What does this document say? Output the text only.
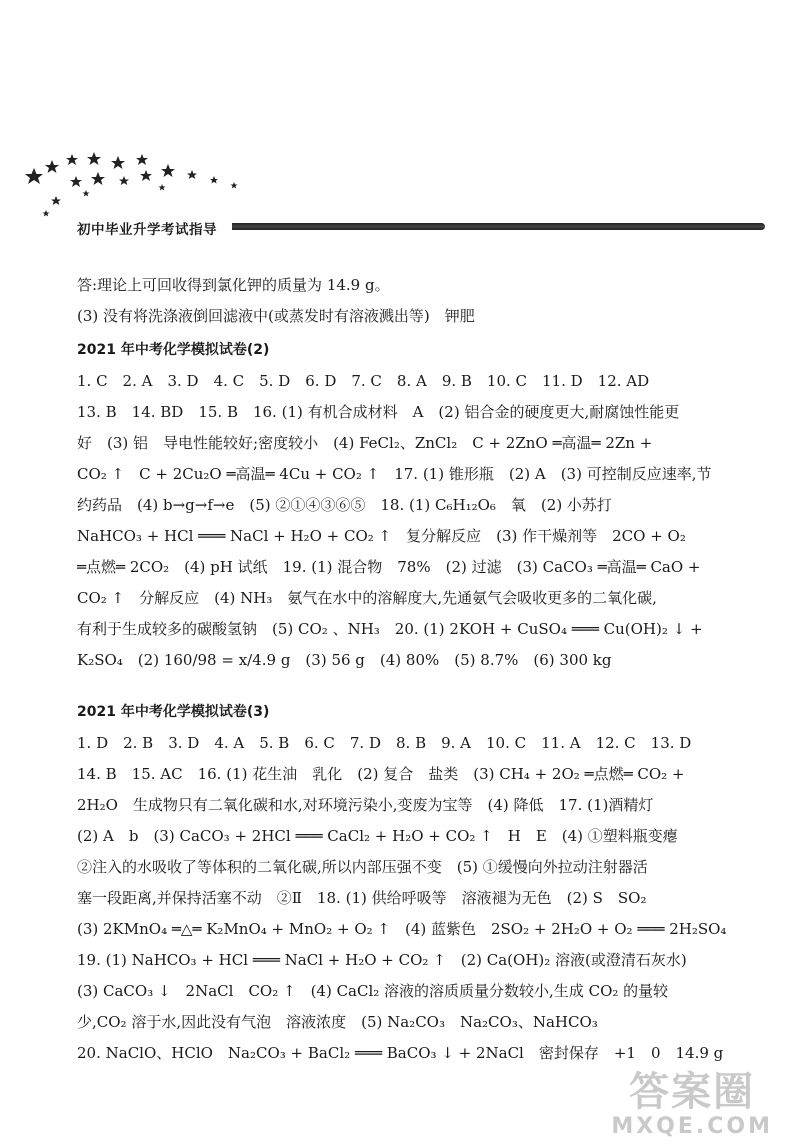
初中毕业升学考试指导
答:理论上可回收得到氯化钾的质量为 14.9 g。
(3) 没有将洗涤液倒回滤液中(或蒸发时有溶液溅出等)　钾肥
2021 年中考化学模拟试卷(2)
1. C　2. A　3. D　4. C　5. D　6. D　7. C　8. A　9. B　10. C　11. D　12. AD
13. B　14. BD　15. B　16. (1) 有机合成材料　A　(2) 铝合金的硬度更大,耐腐蚀性能更
好　(3) 铝　导电性能较好;密度较小　(4) FeCl₂、ZnCl₂　C + 2ZnO ═高温═ 2Zn +
CO₂ ↑　C + 2Cu₂O ═高温═ 4Cu + CO₂ ↑　17. (1) 锥形瓶　(2) A　(3) 可控制反应速率,节
约药品　(4) b→g→f→e　(5) ②①④③⑥⑤　18. (1) C₆H₁₂O₆　氧　(2) 小苏打
NaHCO₃ + HCl ═══ NaCl + H₂O + CO₂ ↑　复分解反应　(3) 作干燥剂等　2CO + O₂
═点燃═ 2CO₂　(4) pH 试纸　19. (1) 混合物　78%　(2) 过滤　(3) CaCO₃ ═高温═ CaO +
CO₂ ↑　分解反应　(4) NH₃　氨气在水中的溶解度大,先通氨气会吸收更多的二氧化碳,
有利于生成较多的碳酸氢钠　(5) CO₂ 、NH₃　20. (1) 2KOH + CuSO₄ ═══ Cu(OH)₂ ↓ +
K₂SO₄　(2) 160/98 = x/4.9 g　(3) 56 g　(4) 80%　(5) 8.7%　(6) 300 kg
2021 年中考化学模拟试卷(3)
1. D　2. B　3. D　4. A　5. B　6. C　7. D　8. B　9. A　10. C　11. A　12. C　13. D
14. B　15. AC　16. (1) 花生油　乳化　(2) 复合　盐类　(3) CH₄ + 2O₂ ═点燃═ CO₂ +
2H₂O　生成物只有二氧化碳和水,对环境污染小,变废为宝等　(4) 降低　17. (1)酒精灯
(2) A　b　(3) CaCO₃ + 2HCl ═══ CaCl₂ + H₂O + CO₂ ↑　H　E　(4) ①塑料瓶变瘪
②注入的水吸收了等体积的二氧化碳,所以内部压强不变　(5) ①缓慢向外拉动注射器活
塞一段距离,并保持活塞不动　②Ⅱ　18. (1) 供给呼吸等　溶液褪为无色　(2) S　SO₂
(3) 2KMnO₄ ═△═ K₂MnO₄ + MnO₂ + O₂ ↑　(4) 蓝紫色　2SO₂ + 2H₂O + O₂ ═══ 2H₂SO₄
19. (1) NaHCO₃ + HCl ═══ NaCl + H₂O + CO₂ ↑　(2) Ca(OH)₂ 溶液(或澄清石灰水)
(3) CaCO₃ ↓　2NaCl　CO₂ ↑　(4) CaCl₂ 溶液的溶质质量分数较小,生成 CO₂ 的量较
少,CO₂ 溶于水,因此没有气泡　溶液浓度　(5) Na₂CO₃　Na₂CO₃、NaHCO₃
20. NaClO、HClO　Na₂CO₃ + BaCl₂ ═══ BaCO₃ ↓ + 2NaCl　密封保存　+1　0　14.9 g
答案圈
MXQE.COM
